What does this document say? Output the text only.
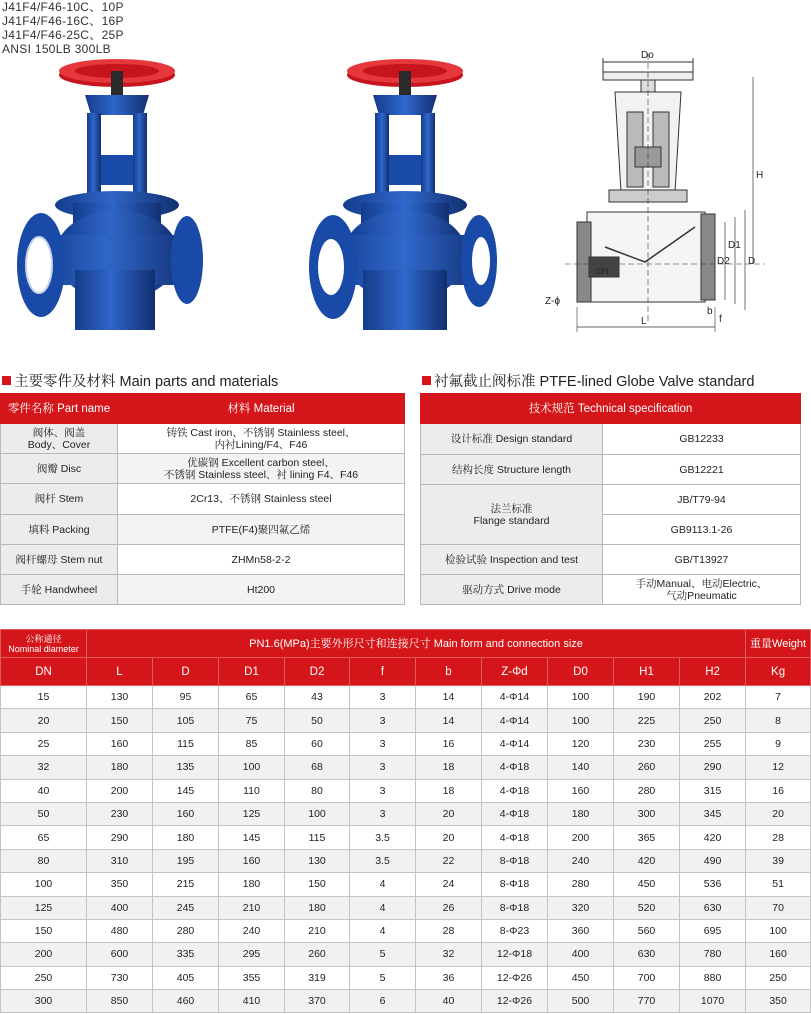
J41F4/F46-10C、10P
J41F4/F46-16C、16P
J41F4/F46-25C、25P
ANSI 150LB 300LB	Do
H
D2
D1
D
Z-ɸ
L
b
f
DN
主要零件及材料 Main parts and materials	衬氟截止阀标准 PTFE-lined Globe Valve standard
零件名称 Part name	材料 Material
阀体、阀盖
Body、Cover	铸铁 Cast iron、不锈钢 Stainless steel、
内衬Lining/F4、F46
阀瓣 Disc	优碳钢 Excellent carbon steel、
不锈钢 Stainless steel、衬 lining F4、F46
阀杆 Stem	2Cr13、不锈钢 Stainless steel
填料 Packing	PTFE(F4)聚四氟乙烯
阀杆螺母 Stem nut	ZHMn58-2-2
手轮 Handwheel	Ht200
技术规范 Technical specification	
设计标准 Design standard	GB12233
结构长度 Structure length	GB12221
法兰标准
Flange standard	JB/T79-94
	GB9113.1-26
检验试验 Inspection and test	GB/T13927
驱动方式 Drive mode	手动Manual、电动Electric、
气动Pneumatic
公称通径
Nominal diameter	PN1.6(MPa)主要外形尺寸和连接尺寸 Main form and connection size										重量Weight
DN	L	D	D1	D2	f	b	Z-Φd	D0	H1	H2	Kg
15	130	95	65	43	3	14	4-Φ14	100	190	202	7
20	150	105	75	50	3	14	4-Φ14	100	225	250	8
25	160	115	85	60	3	16	4-Φ14	120	230	255	9
32	180	135	100	68	3	18	4-Φ18	140	260	290	12
40	200	145	110	80	3	18	4-Φ18	160	280	315	16
50	230	160	125	100	3	20	4-Φ18	180	300	345	20
65	290	180	145	115	3.5	20	4-Φ18	200	365	420	28
80	310	195	160	130	3.5	22	8-Φ18	240	420	490	39
100	350	215	180	150	4	24	8-Φ18	280	450	536	51
125	400	245	210	180	4	26	8-Φ18	320	520	630	70
150	480	280	240	210	4	28	8-Φ23	360	560	695	100
200	600	335	295	260	5	32	12-Φ18	400	630	780	160
250	730	405	355	319	5	36	12-Φ26	450	700	880	250
300	850	460	410	370	6	40	12-Φ26	500	770	1070	350
